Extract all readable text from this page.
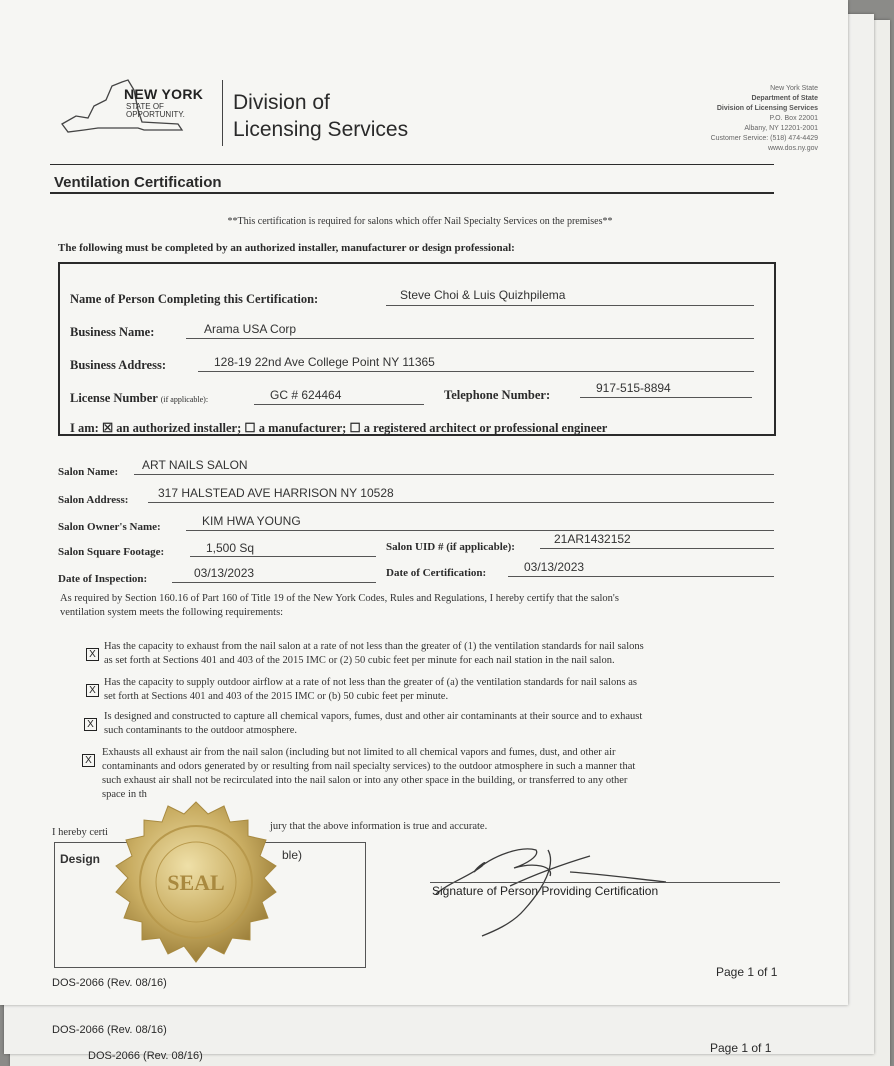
DOS-2066 (Rev. 08/16)
Page 1 of 1
DOS-2066 (Rev. 08/16)
NEW YORK
STATE OF
OPPORTUNITY.
Division of
Licensing Services
New York State
Department of State
Division of Licensing Services
P.O. Box 22001
Albany, NY 12201-2001
Customer Service: (518) 474-4429
www.dos.ny.gov
Ventilation Certification
**This certification is required for salons which offer Nail Specialty Services on the premises**
The following must be completed by an authorized installer, manufacturer or design professional:
Name of Person Completing this Certification:	Steve Choi & Luis Quizhpilema
Business Name:	Arama USA Corp
Business Address:	128-19 22nd Ave College Point NY 11365
License Number (if applicable):	GC # 624464	Telephone Number:	917-515-8894
I am: ☒ an authorized installer; ☐ a manufacturer; ☐ a registered architect or professional engineer
Salon Name: ART NAILS SALON
Salon Address: 317 HALSTEAD AVE HARRISON NY 10528
Salon Owner's Name:	KIM HWA YOUNG
Salon Square Footage:	1,500 Sq	Salon UID # (if applicable):
21AR1432152
Date of Inspection:	03/13/2023	Date of Certification:	03/13/2023
As required by Section 160.16 of Part 160 of Title 19 of the New York Codes, Rules and Regulations, I hereby certify that the salon's
ventilation system meets the following requirements:
X
Has the capacity to exhaust from the nail salon at a rate of not less than the greater of (1) the ventilation standards for nail salons
as set forth at Sections 401 and 403 of the 2015 IMC or (2) 50 cubic feet per minute for each nail station in the nail salon.
X
Has the capacity to supply outdoor airflow at a rate of not less than the greater of (a) the ventilation standards for nail salons as
set forth at Sections 401 and 403 of the 2015 IMC or (b) 50 cubic feet per minute.
X
Is designed and constructed to capture all chemical vapors, fumes, dust and other air contaminants at their source and to exhaust
such contaminants to the outdoor atmosphere.
X
Exhausts all exhaust air from the nail salon (including but not limited to all chemical vapors and fumes, dust, and other air
contaminants and odors generated by or resulting from nail specialty services) to the outdoor atmosphere in such a manner that
such exhaust air shall not be recirculated into the nail salon or into any other space in the building, or transferred to any other
space in th
I hereby certi
jury that the above information is true and accurate.
Design	ble)
Signature of Person Providing Certification
SEAL
DOS-2066 (Rev. 08/16)
Page 1 of 1
